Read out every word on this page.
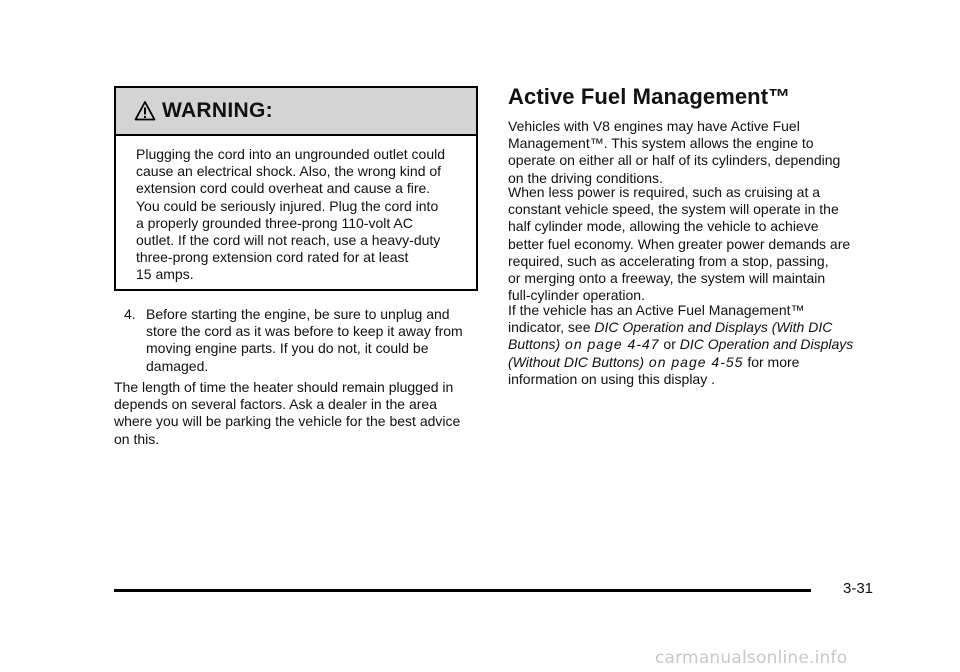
WARNING:
Plugging the cord into an ungrounded outlet could
cause an electrical shock. Also, the wrong kind of
extension cord could overheat and cause a fire.
You could be seriously injured. Plug the cord into
a properly grounded three-prong 110-volt AC
outlet. If the cord will not reach, use a heavy-duty
three-prong extension cord rated for at least
15 amps.
4. Before starting the engine, be sure to unplug and
store the cord as it was before to keep it away from
moving engine parts. If you do not, it could be
damaged.
The length of time the heater should remain plugged in
depends on several factors. Ask a dealer in the area
where you will be parking the vehicle for the best advice
on this.
Active Fuel Management™
Vehicles with V8 engines may have Active Fuel
Management™. This system allows the engine to
operate on either all or half of its cylinders, depending
on the driving conditions.
When less power is required, such as cruising at a
constant vehicle speed, the system will operate in the
half cylinder mode, allowing the vehicle to achieve
better fuel economy. When greater power demands are
required, such as accelerating from a stop, passing,
or merging onto a freeway, the system will maintain
full-cylinder operation.
If the vehicle has an Active Fuel Management™
indicator, see DIC Operation and Displays (With DIC
Buttons) on page 4‑47 or DIC Operation and Displays
(Without DIC Buttons) on page 4‑55 for more
information on using this display .
3-31
carmanualsonline.info
